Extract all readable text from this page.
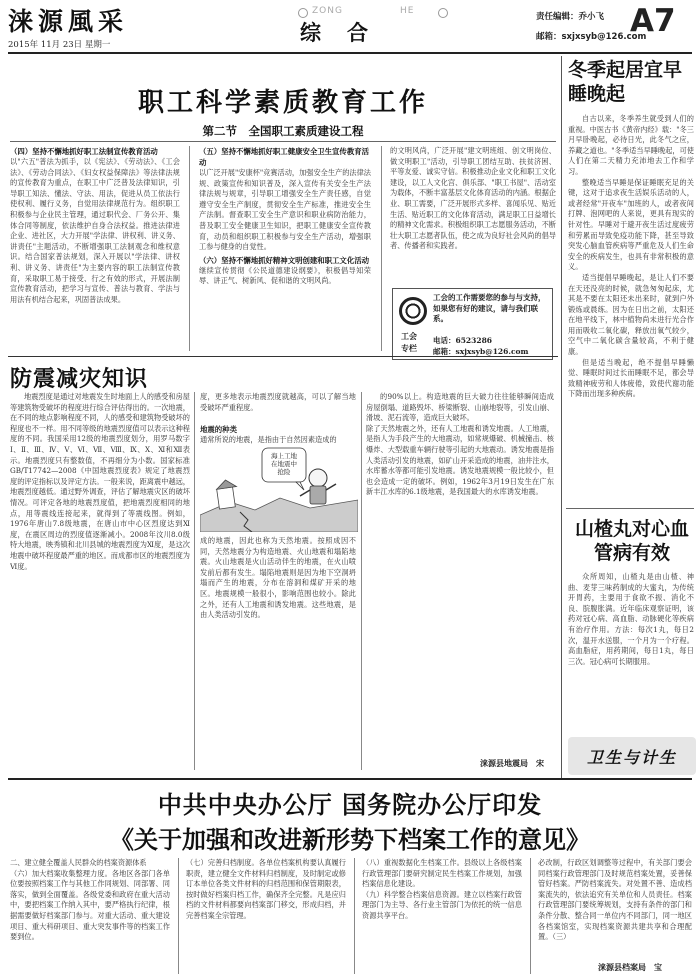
涞源風采
2015年 11月 23日 星期一
ZONG	HE
综合
责任编辑：乔小飞
邮箱：sxjxsyb@126.com
A7
职工科学素质教育工作
第二节　全国职工素质建设工程
（四）坚持不懈地抓好职工法制宣传教育活动
以"六五"普法为抓手，以《宪法》、《劳动法》、《工会法》、《劳动合同法》、《妇女权益保障法》等法律法规的宣传教育为重点，在职工中广泛普及法律知识，引导职工知法、懂法、守法、用法，促进从员工依法行使权利、履行义务，自觉用法律规范行为。组织职工积极参与企业民主管理，通过职代会、厂务公开、集体合同等制度，依法维护自身合法权益。推进法律进企业、进社区，大力开展"学法律、讲权利、讲义务、讲责任"主题活动，不断增强职工法制观念和维权意识。结合国家普法规划，深入开展以"学法律、讲权利、讲义务、讲责任"为主要内容的职工法制宣传教育，采取职工易于接受、行之有效的形式，开展法制宣传教育活动，把学习与宣传、普法与教育、学法与用法有机结合起来，巩固普法成果。
（五）坚持不懈地抓好职工健康安全卫生宣传教育活动
以广泛开展"安康杯"竞赛活动，加强安全生产的法律法规、政策宣传和知识普及，深入宣传有关安全生产法律法规与规章，引导职工增强安全生产责任感，自觉遵守安全生产制度，贯彻安全生产标准，推进安全生产法制。督查职工安全生产意识和职业病防治能力，普及职工安全健康卫生知识，把职工健康安全宣传教育，动员和组织职工积极参与安全生产活动，增强职工参与健身的自觉性。
（六）坚持不懈地抓好精神文明创建和职工文化活动
继续宣传贯彻《公民道德建设纲要》，积极倡导知荣辱、讲正气、树新风、促和谐的文明风尚。
的文明风尚，广泛开展"建文明班组、创文明岗位、做文明职工"活动，引导职工团结互助、扶贫济困、平等友爱、诚实守信。积极推动企业文化和职工文化建设，以工人文化宫、俱乐部、"职工书屋"、活动室为载体，不断丰富基层文化体育活动的内涵。根据企业、职工需要，广泛开展形式多样、喜闻乐见、贴近生活、贴近职工的文化体育活动，满足职工日益增长的精神文化需求。积极组织职工志愿服务活动，不断壮大职工志愿者队伍，使之成为良好社会风尚的倡导者、传播者和实践者。
工会
专栏
工会的工作需要您的参与与支持，如果您有好的建议，请与我们联系。
电话：6523286
邮箱：sxjxsyb@126.com
冬季起居宜早睡晚起
自古以来，冬季养生就受到人们的重视。中医古书《黄帝内经》载："冬三月早卧晚起，必待日光，此冬气之应，养藏之道也。"冬季适当早睡晚起，可使人们在第二天精力充沛地去工作和学习。
整晚适当早睡是保证睡眠充足的关键，这对于追求夜生活娱乐活动的人，或者经常"开夜车"加班的人，或者夜间打牌、泡网吧的人来说，更具有现实的针对性。早睡对于避开夜生活过度疲劳和劳累而导致免疫功能下降，甚至导致突发心脑血管疾病等严重危及人们生命安全的疾病发生，也具有非常积极的意义。
适当提倡早睡晚起，是让人们不要在天还没亮的时候，就急匆匆起床，尤其是不要在太阳还未出来时，就到户外锻炼或晨练。因为在日出之前，太阳还在地平线下，林中植物尚未进行光合作用而吸收二氧化碳，释放出氧气较少，空气中二氧化碳含量较高，不利于健康。
但是适当晚起，绝不提倡早睡懒觉、睡眠时间过长而睡眠不足，都会导致精神疲劳和人体疲倦，致使代谢功能下降而出现多种疾病。
山楂丸对心血管病有效
众所周知，山楂丸是由山楂、神曲、麦芽三味药制成的大蜜丸，为传统开胃药，主要用于食欲不振、消化不良、脘腹胀满。近年临床观察证明，该药对冠心病、高血脂、动脉硬化等疾病有治疗作用。方法：每次1丸，每日2次，温开水送服，一个月为一个疗程。高血脂症，用药期间，每日1丸，每日三次。冠心病可长期服用。
卫生与计生
防震减灾知识
地震烈度是通过对地震发生时地面上人的感受和房屋等建筑物受破坏的程度进行综合评估得出的。一次地震，在不同的地点影响程度不同，人的感受和建筑物受破坏的程度也不一样。用不同等级的地震烈度值可以表示这种程度的不同。我国采用12级的地震烈度划分，用罗马数字Ⅰ、Ⅱ、Ⅲ、Ⅳ、Ⅴ、Ⅵ、Ⅶ、Ⅷ、Ⅸ、Ⅹ、Ⅺ和Ⅻ表示。地震烈度只有整数值，不再细分为小数。国家标准GB/T17742—2008《中国地震烈度表》规定了地震烈度的评定指标以及评定方法。一般来说，距离震中越远，地震烈度越低。通过野外调查，评估了解地震灾区的破坏情况。可评定各地的地震烈度值，把地震烈度相同的地点，用等震线连接起来，就得到了等震线图。例如，1976年唐山7.8级地震，在唐山市中心区烈度达到Ⅺ度，在震区周边的烈度值逐渐减小。2008年汶川8.0级特大地震，映秀镇和北川县城的地震烈度为Ⅺ度，是这次地震中破坏程度最严重的地区。而成都市区的地震烈度为Ⅵ度。
度，更多地表示地震烈度就越高，可以了解当地受破坏严重程度。
地震的种类
通常所说的地震，是指由于自然因素造成的
海上工地
在地震中
抢险
成的地震，因此也称为天然地震。按照成因不同，天然地震分为构造地震、火山地震和塌陷地震。火山地震是火山活动伴生的地震，在火山喷发前后都有发生。塌陷地震则是因为地下空洞坍塌而产生的地震，分布在溶洞和煤矿开采的地区。地震规模一般很小，影响范围也较小。除此之外，还有人工地震和诱发地震。这些地震，是由人类活动引发的。
的90%以上。构造地震的巨大破力往往能够瞬间造成房屋倒塌、道路毁坏、桥梁断裂、山崩地裂等，引发山崩、滑坡、泥石流等，造成巨大破坏。
除了天然地震之外，还有人工地震和诱发地震。人工地震，是指人为手段产生的大地震动，如常规爆破、机械撞击、核爆炸、大型载重车辆行驶等引起的大地震动。诱发地震是指人类活动引发的地震，如矿山开采造成的地震，油井注水，水库蓄水等都可能引发地震。诱发地震规模一般比较小，但也会造成一定的破坏。例如，1962年3月19日发生在广东新丰江水库的6.1级地震，是我国最大的水库诱发地震。
涞源县地震局　宋
中共中央办公厅 国务院办公厅印发
《关于加强和改进新形势下档案工作的意见》
二、建立健全覆盖人民群众的档案资源体系
（六）加大档案收集整理力度。各地区各部门各单位要按照档案工作与其他工作同规划、同部署、同落实，做到全面覆盖。各级党委和政府在重大活动中，要把档案工作纳入其中，要严格执行纪律，根据需要做好档案部门参与。对重大活动、重大建设项目、重大科研项目、重大突发事件等的档案工作要到位。
（七）完善归档制度。各单位档案机构要认真履行职责，建立健全文件材料归档制度，及时制定或修订本单位各类文件材料的归档范围和保管期限表，按时做好档案归档工作，确保齐全完整。凡是应归档的文件材料都要向档案部门移交，形成归档，并完善档案全宗管理。
（八）重视数据化生档案工作。县级以上各级档案行政管理部门要研究制定民生档案工作规划，加强档案信息化建设。
（九）科学整合档案信息资源。建立以档案行政管理部门为主导、各行业主管部门为依托的统一信息资源共享平台。
必改制，行政区划调整等过程中，有关部门要会同档案行政管理部门及时规范档案处置，妥善保管好档案。严防档案流失。对处置不善、造成档案流失的，依法追究有关单位和人员责任。档案行政管理部门要统筹规划，支持有条件的部门和条件分散、整合同一单位内不同部门，同一地区各档案馆室，实现档案资源共建共享和合理配置。（三）
涞源县档案局　宝
